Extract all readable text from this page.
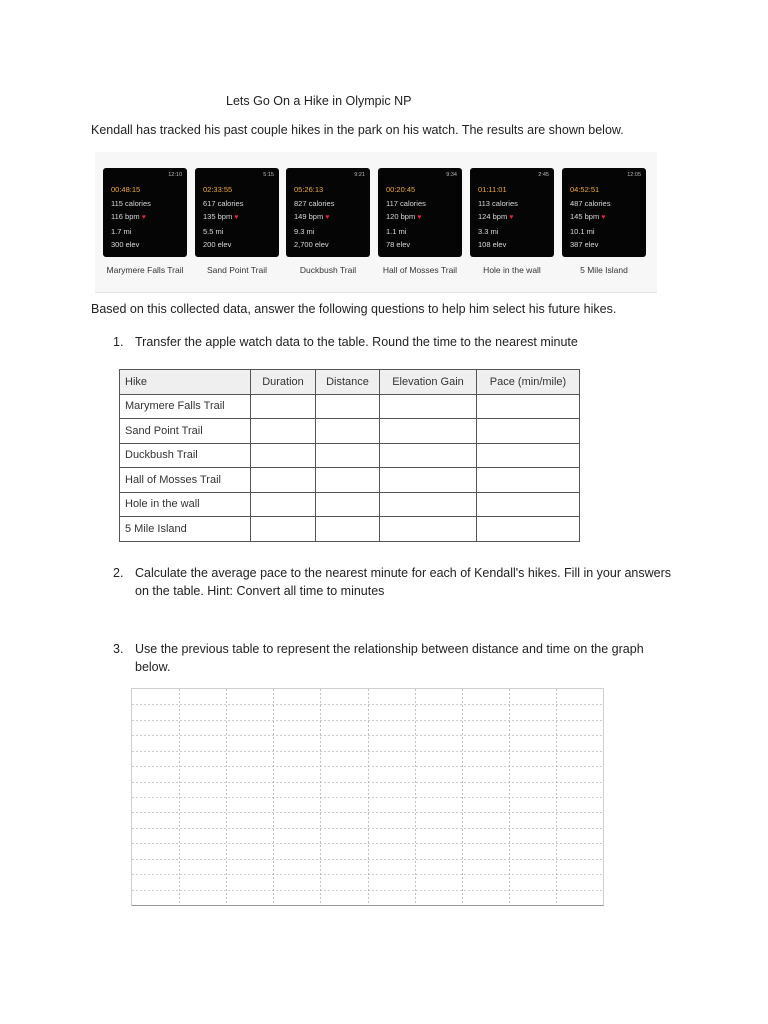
Lets Go On a Hike in Olympic NP
Kendall has tracked his past couple hikes in the park on his watch. The results are shown below.
12:10
00:48:15
115 calories
116 bpm ♥
1.7 mi
300 elev
Marymere Falls Trail
5:15
02:33:55
617 calories
135 bpm ♥
5.5 mi
200 elev
Sand Point Trail
9:21
05:26:13
827 calories
149 bpm ♥
9.3 mi
2,700 elev
Duckbush Trail
9:34
00:20:45
117 calories
120 bpm ♥
1.1 mi
78 elev
Hall of Mosses Trail
2:45
01:11:01
113 calories
124 bpm ♥
3.3 mi
108 elev
Hole in the wall
12:05
04:52:51
487 calories
145 bpm ♥
10.1 mi
387 elev
5 Mile Island
Based on this collected data, answer the following questions to help him select his future hikes.
1. Transfer the apple watch data to the table. Round the time to the nearest minute
Hike	Duration	Distance	Elevation Gain	Pace (min/mile)
Marymere Falls Trail				
Sand Point Trail				
Duckbush Trail				
Hall of Mosses Trail				
Hole in the wall				
5 Mile Island				
2. Calculate the average pace to the nearest minute for each of Kendall's hikes. Fill in your answers on the table. Hint: Convert all time to minutes
3. Use the previous table to represent the relationship between distance and time on the graph below.
